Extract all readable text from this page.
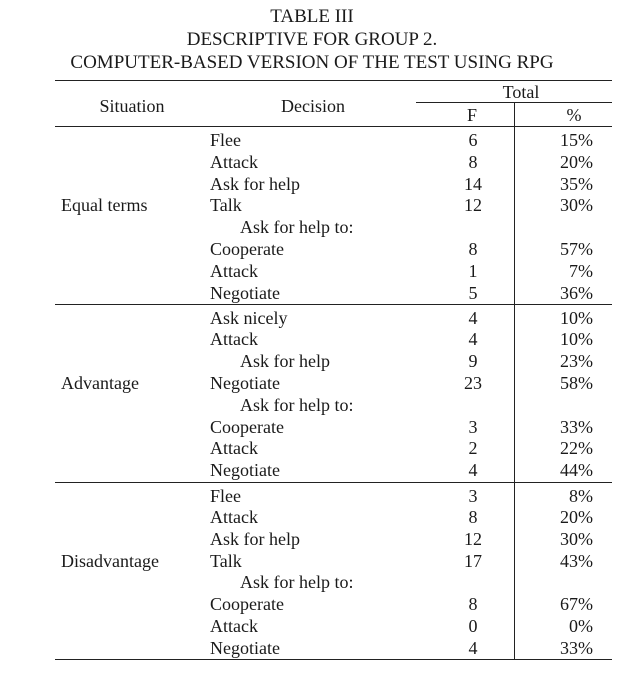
TABLE III
DESCRIPTIVE FOR GROUP 2.
COMPUTER-BASED VERSION OF THE TEST USING RPG
Situation	Decision
Total
F	%
Equal terms
Flee	6	15%
Attack	8	20%
Ask for help	14	35%
Talk	12	30%
Ask for help to:
Cooperate	8	57%
Attack	1	7%
Negotiate	5	36%
Advantage
Ask nicely	4	10%
Attack	4	10%
Ask for help	9	23%
Negotiate	23	58%
Ask for help to:
Cooperate	3	33%
Attack	2	22%
Negotiate	4	44%
Disadvantage
Flee	3	8%
Attack	8	20%
Ask for help	12	30%
Talk	17	43%
Ask for help to:
Cooperate	8	67%
Attack	0	0%
Negotiate	4	33%
